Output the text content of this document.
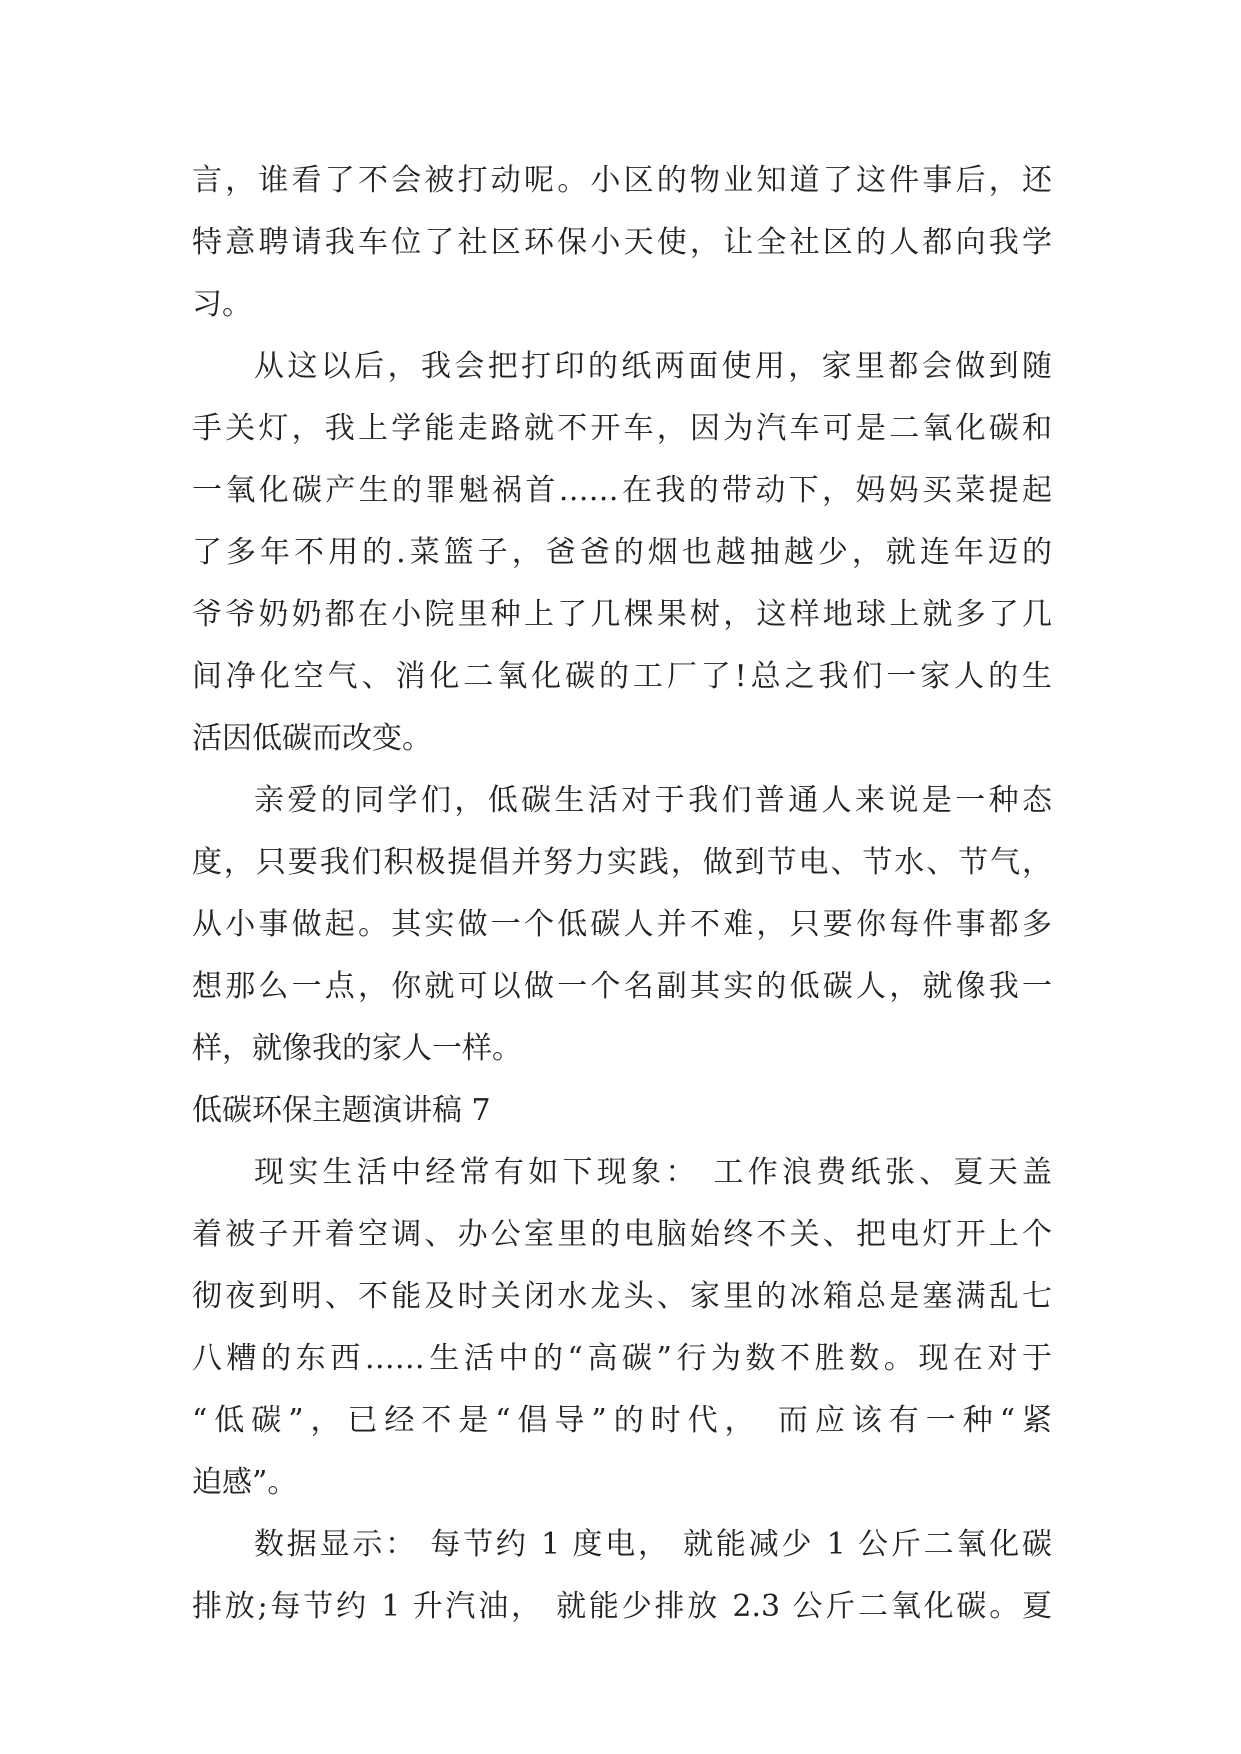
言，谁看了不会被打动呢。小区的物业知道了这件事后，还
特意聘请我车位了社区环保小天使，让全社区的人都向我学
习。
从这以后，我会把打印的纸两面使用，家里都会做到随
手关灯，我上学能走路就不开车，因为汽车可是二氧化碳和
一氧化碳产生的罪魁祸首……在我的带动下，妈妈买菜提起
了多年不用的.菜篮子，爸爸的烟也越抽越少，就连年迈的
爷爷奶奶都在小院里种上了几棵果树，这样地球上就多了几
间净化空气、消化二氧化碳的工厂了!总之我们一家人的生
活因低碳而改变。
亲爱的同学们，低碳生活对于我们普通人来说是一种态
度，只要我们积极提倡并努力实践，做到节电、节水、节气，
从小事做起。其实做一个低碳人并不难，只要你每件事都多
想那么一点，你就可以做一个名副其实的低碳人，就像我一
样，就像我的家人一样。
低碳环保主题演讲稿 7
现实生活中经常有如下现象： 工作浪费纸张、夏天盖
着被子开着空调、办公室里的电脑始终不关、把电灯开上个
彻夜到明、不能及时关闭水龙头、家里的冰箱总是塞满乱七
八糟的东西……生活中的“高碳”行为数不胜数。现在对于
“低碳”，已经不是“倡导”的时代， 而应该有一种“紧
迫感”。
数据显示： 每节约 1 度电， 就能减少 1 公斤二氧化碳
排放;每节约 1 升汽油， 就能少排放 2.3 公斤二氧化碳。夏
